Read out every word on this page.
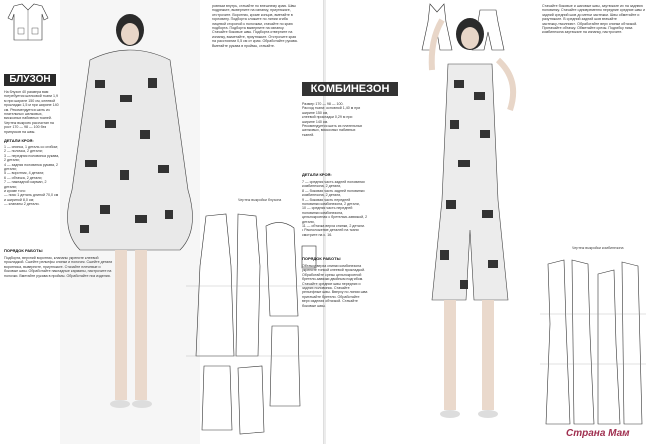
БЛУЗОН
На блузон 40 размера вам потребуется шелковой ткани 1,9 м при ширине 150 см, клеевой прокладки 1,5 м при ширине 140 см. Рекомендуется шить из плательных шелковых, вискозных набивных тканей. Чертеж выкроек рассчитан на рост 170 — 98 — 100 без припусков на швы.
ДЕТАЛИ КРОЯ:
1 — спинка, 1 деталь со сгибом;
2 — полочка, 2 детали;
3 — передняя половинка рукава, 2 детали;
4 — задняя половинка рукава, 2 детали;
5 — воротник, 4 детали;
6 — обтачка, 2 детали;
7 — накладной карман, 2 детали;
и кроме того:
— пояс 1 деталь длиной 70,0 см и шириной 8,0 см;
— клапаны 2 детали.
ПОРЯДОК РАБОТЫ
Подборта, верхний воротник, клапаны укрепите клеевой прокладкой. Сшейте рельефы спинки и полочек. Сшейте детали воротника, выверните, приутюжьте. Стачайте плечевые и боковые швы. Обработайте накладные карманы, настрочите на полочки. Вметайте рукава в проймы. Обработайте низ изделия.
ровным внутрь, стачайте по внешнему краю. Швы подрежьте, выверните на изнанку, приутюжьте, отстрочите. Воротник, кроме концов, вметайте в горловину. Подборта сложите по линии сгиба лицевой стороной к полочкам, стачайте по краю подборта. Подборта выверните на изнанку. Стачайте боковые швы. Подборта отверните на изнанку, выметайте, приутюжьте. Отстрочите края на расстоянии 0,5 см от края. Обработайте рукава. Вметайте рукава в проймы, стачайте.
Чертеж выкройки блузона
КОМБИНЕЗОН
Размер 170 — 98 — 100.
Расход ткани: основной 1,40 м при ширине 150 см,
клеевой прокладки 0,29 м при ширине 140 см.
Рекомендуется шить из плательных шелковых, вискозных набивных тканей.
ДЕТАЛИ КРОЯ:
7 — средняя часть задней половинки комбинезона, 2 детали,
8 — боковая часть задней половинки комбинезона, 2 детали,
9 — боковая часть передней половинки комбинезона, 2 детали,
10 — средняя часть передней половинки комбинезона, цельнокроеная с бретелью-завязкой, 2 детали,
11 — обтачка верха спинки, 2 детали.
• Расположение деталей на ткани смотрите на с. 16.
ПОРЯДОК РАБОТЫ
Обтачку верха спинки комбинезона укрепите тонкой клеевой прокладкой. Обработайте срезы цельнокроеной бретели-завязки двойным подгибом. Стачайте средние швы передних и задних половинок. Стачайте рельефные швы. Вверху по линии шва притачайте бретели. Обработайте верх изделия обтачкой. Стачайте боковые швы.
Стачайте боковые и шаговые швы, заутюжьте их на заднюю половинку. Стачайте одновременно передние средние швы и задний средний шов до метки застежки. Швы обметайте и разутюжьте. В средний задний шов втачайте застежку-«молнию». Обработайте верх спинки обтачкой. Притачайте обтачку. Обметайте срезы. Подгибку низа комбинезона заутюжьте на изнанку, настрочите.
Чертеж выкройки комбинезона
Страна Мам
